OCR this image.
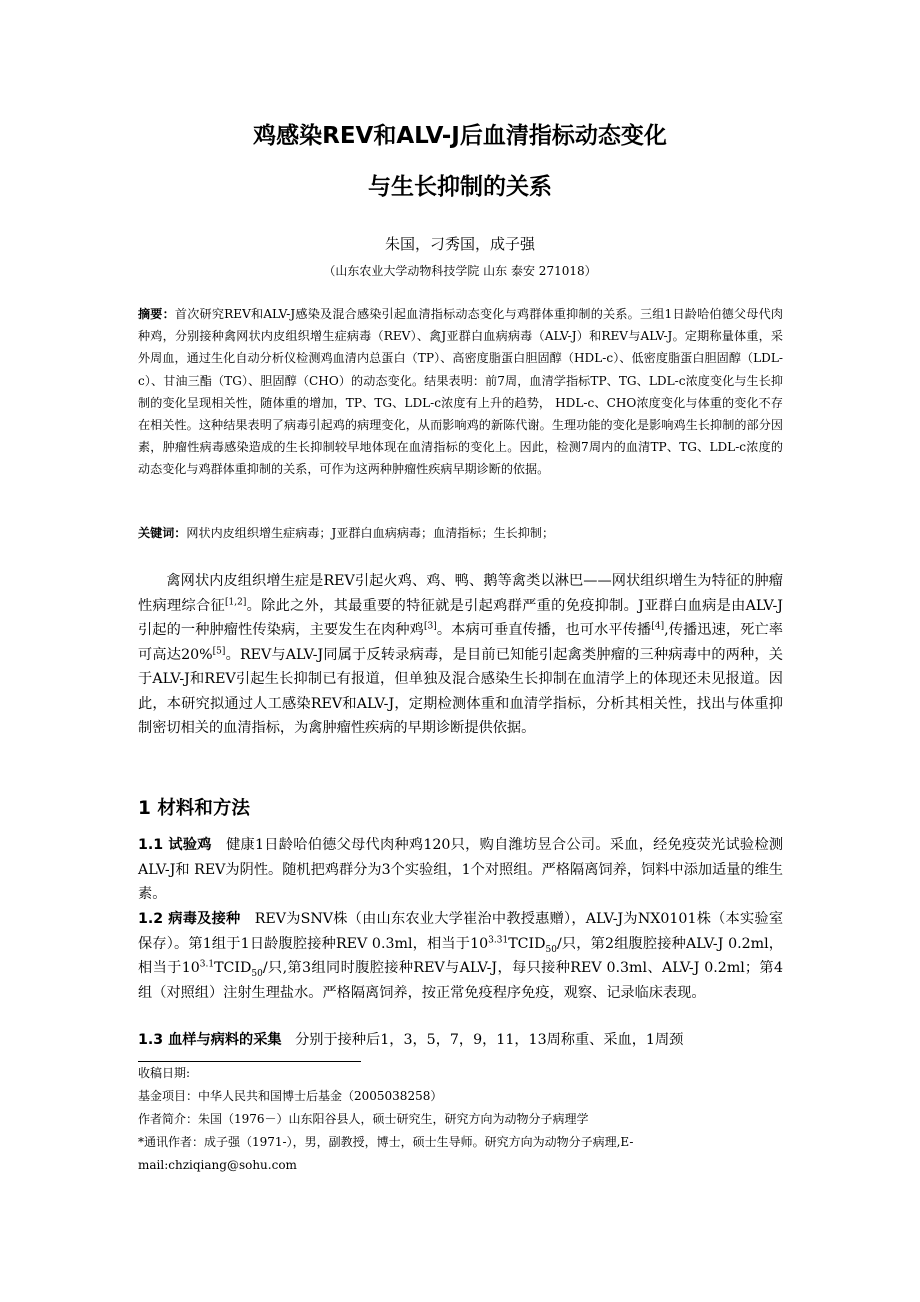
鸡感染REV和ALV-J后血清指标动态变化
与生长抑制的关系
朱国，刁秀国，成子强
（山东农业大学动物科技学院 山东 泰安 271018）

摘要：首次研究REV和ALV-J感染及混合感染引起血清指标动态变化与鸡群体重抑制的关系。三组1日龄哈伯德父母代肉种鸡，分别接种禽网状内皮组织增生症病毒（REV）、禽J亚群白血病病毒（ALV-J）和REV与ALV-J。定期称量体重，采外周血，通过生化自动分析仪检测鸡血清内总蛋白（TP）、高密度脂蛋白胆固醇（HDL-c）、低密度脂蛋白胆固醇（LDL-c）、甘油三酯（TG）、胆固醇（CHO）的动态变化。结果表明：前7周，血清学指标TP、TG、LDL-c浓度变化与生长抑制的变化呈现相关性，随体重的增加，TP、TG、LDL-c浓度有上升的趋势， HDL-c、CHO浓度变化与体重的变化不存在相关性。这种结果表明了病毒引起鸡的病理变化，从而影响鸡的新陈代谢。生理功能的变化是影响鸡生长抑制的部分因素，肿瘤性病毒感染造成的生长抑制较早地体现在血清指标的变化上。因此，检测7周内的血清TP、TG、LDL-c浓度的动态变化与鸡群体重抑制的关系，可作为这两种肿瘤性疾病早期诊断的依据。

关键词：网状内皮组织增生症病毒；J亚群白血病病毒；血清指标；生长抑制；

禽网状内皮组织增生症是REV引起火鸡、鸡、鸭、鹅等禽类以淋巴——网状组织增生为特征的肿瘤性病理综合征[1,2]。除此之外，其最重要的特征就是引起鸡群严重的免疫抑制。J亚群白血病是由ALV-J引起的一种肿瘤性传染病，主要发生在肉种鸡[3]。本病可垂直传播，也可水平传播[4],传播迅速，死亡率可高达20%[5]。REV与ALV-J同属于反转录病毒，是目前已知能引起禽类肿瘤的三种病毒中的两种，关于ALV-J和REV引起生长抑制已有报道，但单独及混合感染生长抑制在血清学上的体现还未见报道。因此，本研究拟通过人工感染REV和ALV-J，定期检测体重和血清学指标，分析其相关性，找出与体重抑制密切相关的血清指标，为禽肿瘤性疾病的早期诊断提供依据。

1 材料和方法

1.1 试验鸡 健康1日龄哈伯德父母代肉种鸡120只，购自潍坊昱合公司。采血，经免疫荧光试验检测ALV-J和 REV为阴性。随机把鸡群分为3个实验组，1个对照组。严格隔离饲养，饲料中添加适量的维生素。

1.2 病毒及接种 REV为SNV株（由山东农业大学崔治中教授惠赠），ALV-J为NX0101株（本实验室保存）。第1组于1日龄腹腔接种REV 0.3ml，相当于$10^{3.31}TCID_{50}/$只，第2组腹腔接种ALV-J 0.2ml，相当于$10^{3.1}TCID_{50}/$只,第3组同时腹腔接种REV与ALV-J，每只接种REV 0.3ml、ALV-J 0.2ml；第4组（对照组）注射生理盐水。严格隔离饲养，按正常免疫程序免疫，观察、记录临床表现。

1.3 血样与病料的采集 分别于接种后1，3，5，7，9，11，13周称重、采血，1周颈

收稿日期:

基金项目：中华人民共和国博士后基金（2005038258）

作者简介：朱国（1976－）山东阳谷县人，硕士研究生，研究方向为动物分子病理学

*通讯作者：成子强（1971-），男，副教授，博士，硕士生导师。研究方向为动物分子病理,E-mail:chziqiang@sohu.com
